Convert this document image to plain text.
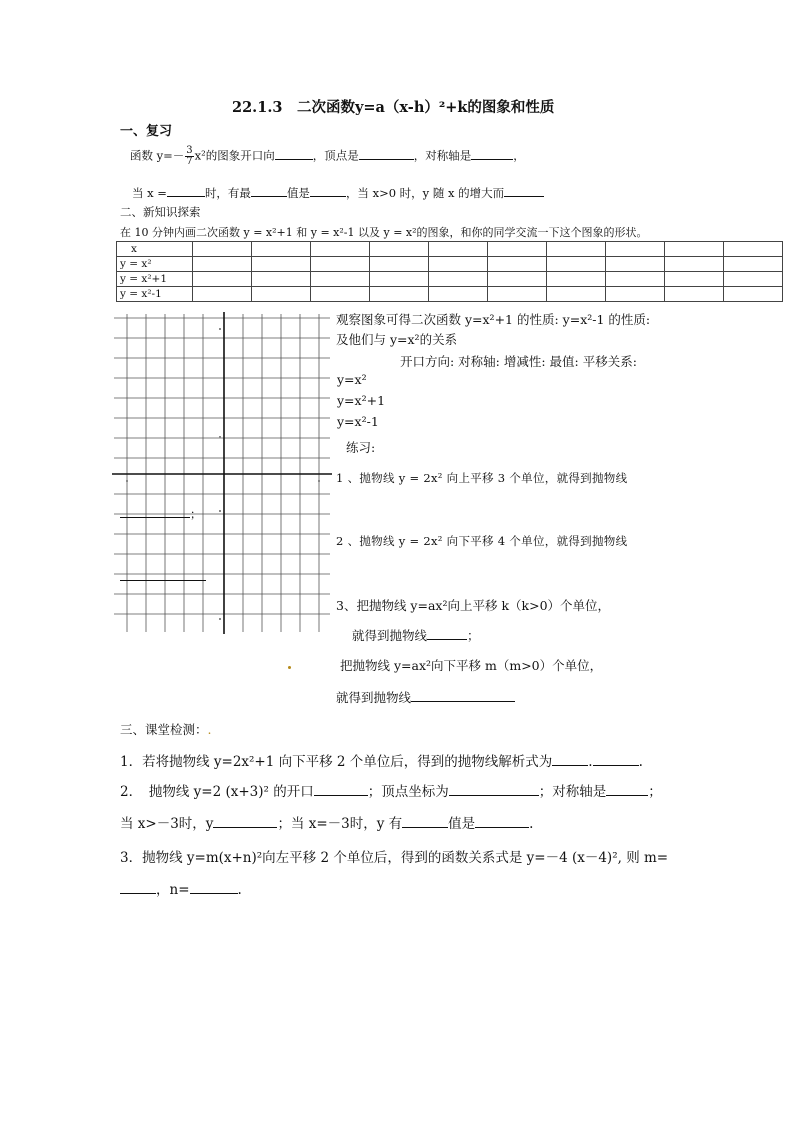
22.1.3　二次函数y=a（x-h）²+k的图象和性质
一、复习
函数 $y=- \frac{3}{7} x^2$的图象开口向	，顶点是	，对称轴是	，
当 x =	时，有最	值是	，当 x>0 时，y 随 x 的增大而
二、新知识探索
在 10 分钟内画二次函数 y = x²+1 和 y = x²-1 以及 y = x²的图象，和你的同学交流一下这个图象的形状。
x										
y = x²										
y = x²+1										
y = x²-1										
观察图象可得二次函数 y=x²+1 的性质: y=x²-1 的性质:
及他们与 y=x²的关系
开口方向: 对称轴: 增减性: 最值: 平移关系:
y=x²
y=x²+1
y=x²-1
练习:
1 、抛物线 y = 2x² 向上平移 3 个单位，就得到抛物线
；
2 、抛物线 y = 2x² 向下平移 4 个单位，就得到抛物线
3、把抛物线 y=ax²向上平移 k（k>0）个单位，
就得到抛物线	；
把抛物线 y=ax²向下平移 m（m>0）个单位，
就得到抛物线
三、课堂检测：.
1．若将抛物线 y=2x²+1 向下平移 2 个单位后，得到的抛物线解析式为	.	.
2．　抛物线 y=2 (x+3)² 的开口	；顶点坐标为	；对称轴是	；
当 x>－3时，y	；当 x=－3时，y 有	值是	.
3．抛物线 y=m(x+n)²向左平移 2 个单位后，得到的函数关系式是 y=－4 (x－4)², 则 m=
，n=	.
